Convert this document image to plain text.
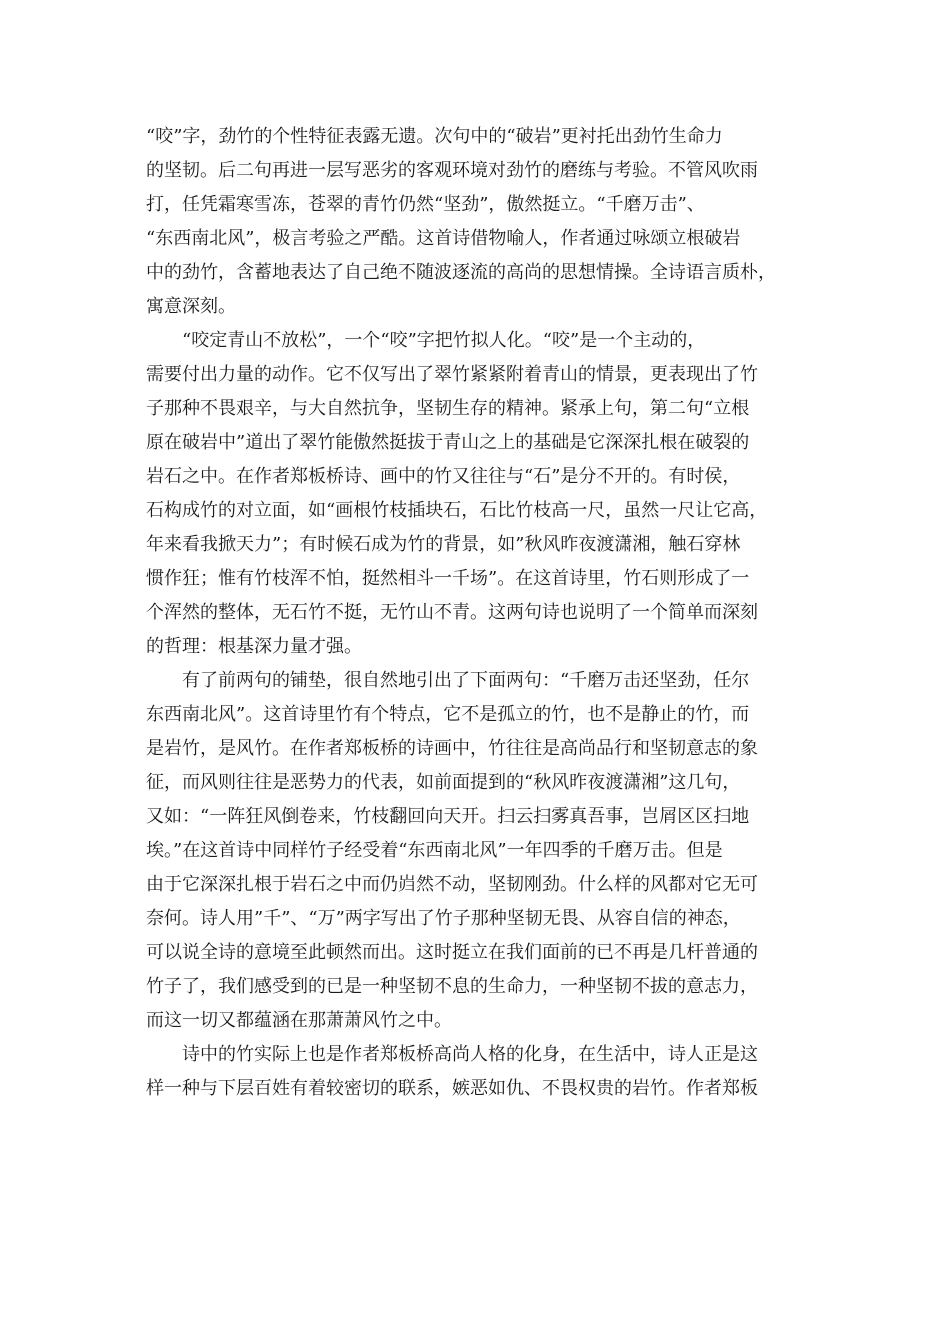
“咬”字，劲竹的个性特征表露无遗。次句中的“破岩”更衬托出劲竹生命力
的坚韧。后二句再进一层写恶劣的客观环境对劲竹的磨练与考验。不管风吹雨
打，任凭霜寒雪冻，苍翠的青竹仍然“坚劲”，傲然挺立。“千磨万击”、
“东西南北风”，极言考验之严酷。这首诗借物喻人，作者通过咏颂立根破岩
中的劲竹，含蓄地表达了自己绝不随波逐流的高尚的思想情操。全诗语言质朴，
寓意深刻。
“咬定青山不放松”，一个“咬”字把竹拟人化。“咬”是一个主动的，
需要付出力量的动作。它不仅写出了翠竹紧紧附着青山的情景，更表现出了竹
子那种不畏艰辛，与大自然抗争，坚韧生存的精神。紧承上句，第二句“立根
原在破岩中”道出了翠竹能傲然挺拔于青山之上的基础是它深深扎根在破裂的
岩石之中。在作者郑板桥诗、画中的竹又往往与“石”是分不开的。有时侯，
石构成竹的对立面，如“画根竹枝插块石，石比竹枝高一尺，虽然一尺让它高，
年来看我掀天力”；有时候石成为竹的背景，如”秋风昨夜渡潇湘，触石穿林
惯作狂；惟有竹枝浑不怕，挺然相斗一千场”。在这首诗里，竹石则形成了一
个浑然的整体，无石竹不挺，无竹山不青。这两句诗也说明了一个简单而深刻
的哲理：根基深力量才强。
有了前两句的铺垫，很自然地引出了下面两句：“千磨万击还坚劲，任尔
东西南北风”。这首诗里竹有个特点，它不是孤立的竹，也不是静止的竹，而
是岩竹，是风竹。在作者郑板桥的诗画中，竹往往是高尚品行和坚韧意志的象
征，而风则往往是恶势力的代表，如前面提到的“秋风昨夜渡潇湘”这几句，
又如：“一阵狂风倒卷来，竹枝翻回向天开。扫云扫雾真吾事，岂屑区区扫地
埃。”在这首诗中同样竹子经受着“东西南北风”一年四季的千磨万击。但是
由于它深深扎根于岩石之中而仍岿然不动，坚韧刚劲。什么样的风都对它无可
奈何。诗人用”千”、“万”两字写出了竹子那种坚韧无畏、从容自信的神态，
可以说全诗的意境至此顿然而出。这时挺立在我们面前的已不再是几杆普通的
竹子了，我们感受到的已是一种坚韧不息的生命力，一种坚韧不拔的意志力，
而这一切又都蕴涵在那萧萧风竹之中。
诗中的竹实际上也是作者郑板桥高尚人格的化身，在生活中，诗人正是这
样一种与下层百姓有着较密切的联系，嫉恶如仇、不畏权贵的岩竹。作者郑板
